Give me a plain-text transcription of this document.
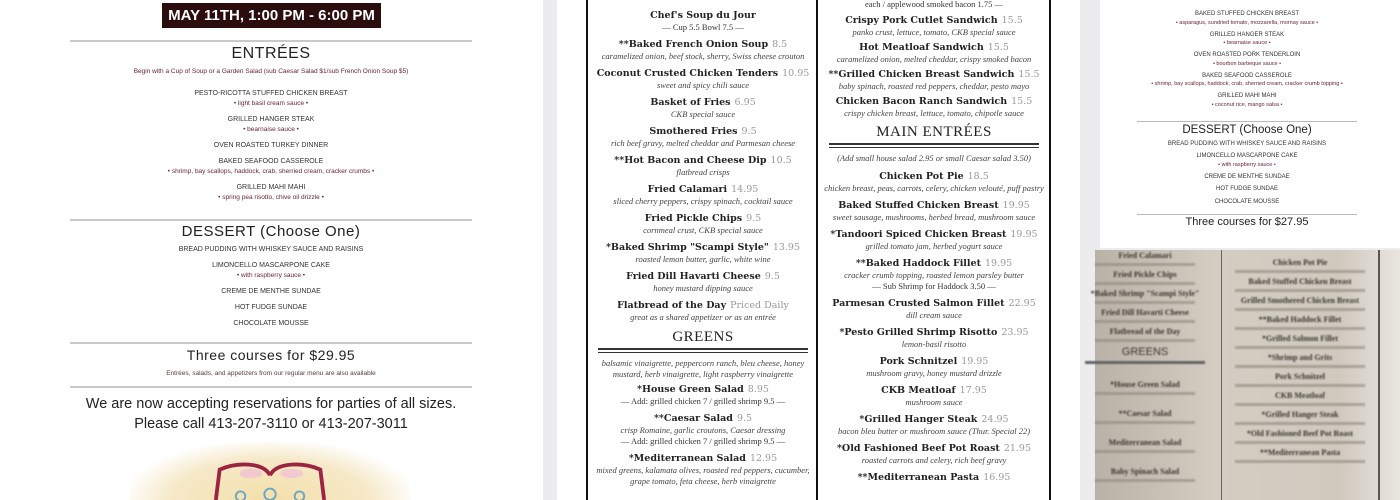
MAY 11TH, 1:00 PM - 6:00 PM
ENTRÉES
Begin with a Cup of Soup or a Garden Salad (sub Caesar Salad $1/sub French Onion Soup $5)
PESTO-RICOTTA STUFFED CHICKEN BREAST
• light basil cream sauce •
GRILLED HANGER STEAK
• bearnaise sauce •
OVEN ROASTED TURKEY DINNER
BAKED SEAFOOD CASSEROLE
• shrimp, bay scallops, haddock, crab, sherried cream, cracker crumbs •
GRILLED MAHI MAHI
• spring pea risotto, chive oil drizzle •
DESSERT (Choose One)
BREAD PUDDING WITH WHISKEY SAUCE AND RAISINS
LIMONCELLO MASCARPONE CAKE
• with raspberry sauce •
CREME DE MENTHE SUNDAE
HOT FUDGE SUNDAE
CHOCOLATE MOUSSE
Three courses for $29.95
Entrées, salads, and appetizers from our regular menu are also available
We are now accepting reservations for parties of all sizes.
Please call 413-207-3110 or 413-207-3011
Chef's Soup du Jour
— Cup 5.5 Bowl 7.5 —
**Baked French Onion Soup 8.5
caramelized onion, beef stock, sherry, Swiss cheese crouton
Coconut Crusted Chicken Tenders 10.95
sweet and spicy chili sauce
Basket of Fries 6.95
CKB special sauce
Smothered Fries 9.5
rich beef gravy, melted cheddar and Parmesan cheese
**Hot Bacon and Cheese Dip 10.5
flatbread crisps
Fried Calamari 14.95
sliced cherry peppers, crispy spinach, cocktail sauce
Fried Pickle Chips 9.5
cornmeal crust, CKB special sauce
*Baked Shrimp "Scampi Style" 13.95
roasted lemon butter, garlic, white wine
Fried Dill Havarti Cheese 9.5
honey mustard dipping sauce
Flatbread of the Day Priced Daily
great as a shared appetizer or as an entrée
GREENS
balsamic vinaigrette, peppercorn ranch, bleu cheese, honey mustard, herb vinaigrette, light raspberry vinaigrette
*House Green Salad 8.95
— Add: grilled chicken 7 / grilled shrimp 9.5 —
**Caesar Salad 9.5
crisp Romaine, garlic croutons, Caesar dressing
— Add: grilled chicken 7 / grilled shrimp 9.5 —
*Mediterranean Salad 12.95
mixed greens, kalamata olives, roasted red peppers, cucumber, grape tomato, feta cheese, herb vinaigrette
each / applewood smoked bacon 1.75 —
Crispy Pork Cutlet Sandwich 15.5
panko crust, lettuce, tomato, CKB special sauce
Hot Meatloaf Sandwich 15.5
caramelized onion, melted cheddar, crispy smoked bacon
**Grilled Chicken Breast Sandwich 15.5
baby spinach, roasted red peppers, cheddar, pesto mayo
Chicken Bacon Ranch Sandwich 15.5
crispy chicken breast, lettuce, tomato, chipotle sauce
MAIN ENTRÉES
(Add small house salad 2.95 or small Caesar salad 3.50)
Chicken Pot Pie 18.5
chicken breast, peas, carrots, celery, chicken velouté, puff pastry
Baked Stuffed Chicken Breast 19.95
sweet sausage, mushrooms, herbed bread, mushroom sauce
*Tandoori Spiced Chicken Breast 19.95
grilled tomato jam, herbed yogurt sauce
**Baked Haddock Fillet 19.95
cracker crumb topping, roasted lemon parsley butter
— Sub Shrimp for Haddock 3.50 —
Parmesan Crusted Salmon Fillet 22.95
dill cream sauce
*Pesto Grilled Shrimp Risotto 23.95
lemon-basil risotto
Pork Schnitzel 19.95
mushroom gravy, honey mustard drizzle
CKB Meatloaf 17.95
mushroom sauce
*Grilled Hanger Steak 24.95
bacon bleu butter or mushroom sauce (Thur. Special 22)
*Old Fashioned Beef Pot Roast 21.95
roasted carrots and celery, rich beef gravy
**Mediterranean Pasta 16.95
BAKED STUFFED CHICKEN BREAST
• asparagus, sundried tomato, mozzarella, mornay sauce •
GRILLED HANGER STEAK
• bearnaise sauce •
OVEN ROASTED PORK TENDERLOIN
• bourbon barbeque sauce •
BAKED SEAFOOD CASSEROLE
• shrimp, bay scallops, haddock, crab, sherried cream, cracker crumb topping •
GRILLED MAHI MAHI
• coconut rice, mango salsa •
DESSERT (Choose One)
BREAD PUDDING WITH WHISKEY SAUCE AND RAISINS
LIMONCELLO MASCARPONE CAKE
• with raspberry sauce •
CREME DE MENTHE SUNDAE
HOT FUDGE SUNDAE
CHOCOLATE MOUSSE
Three courses for $27.95
Fried Calamari
Fried Pickle Chips
*Baked Shrimp "Scampi Style"
Fried Dill Havarti Cheese
Flatbread of the Day
GREENS
*House Green Salad
**Caesar Salad
Mediterranean Salad
Baby Spinach Salad
Chicken Pot Pie
Baked Stuffed Chicken Breast
Grilled Smothered Chicken Breast
**Baked Haddock Fillet
*Grilled Salmon Fillet
*Shrimp and Grits
Pork Schnitzel
CKB Meatloaf
*Grilled Hanger Steak
*Old Fashioned Beef Pot Roast
**Mediterranean Pasta
